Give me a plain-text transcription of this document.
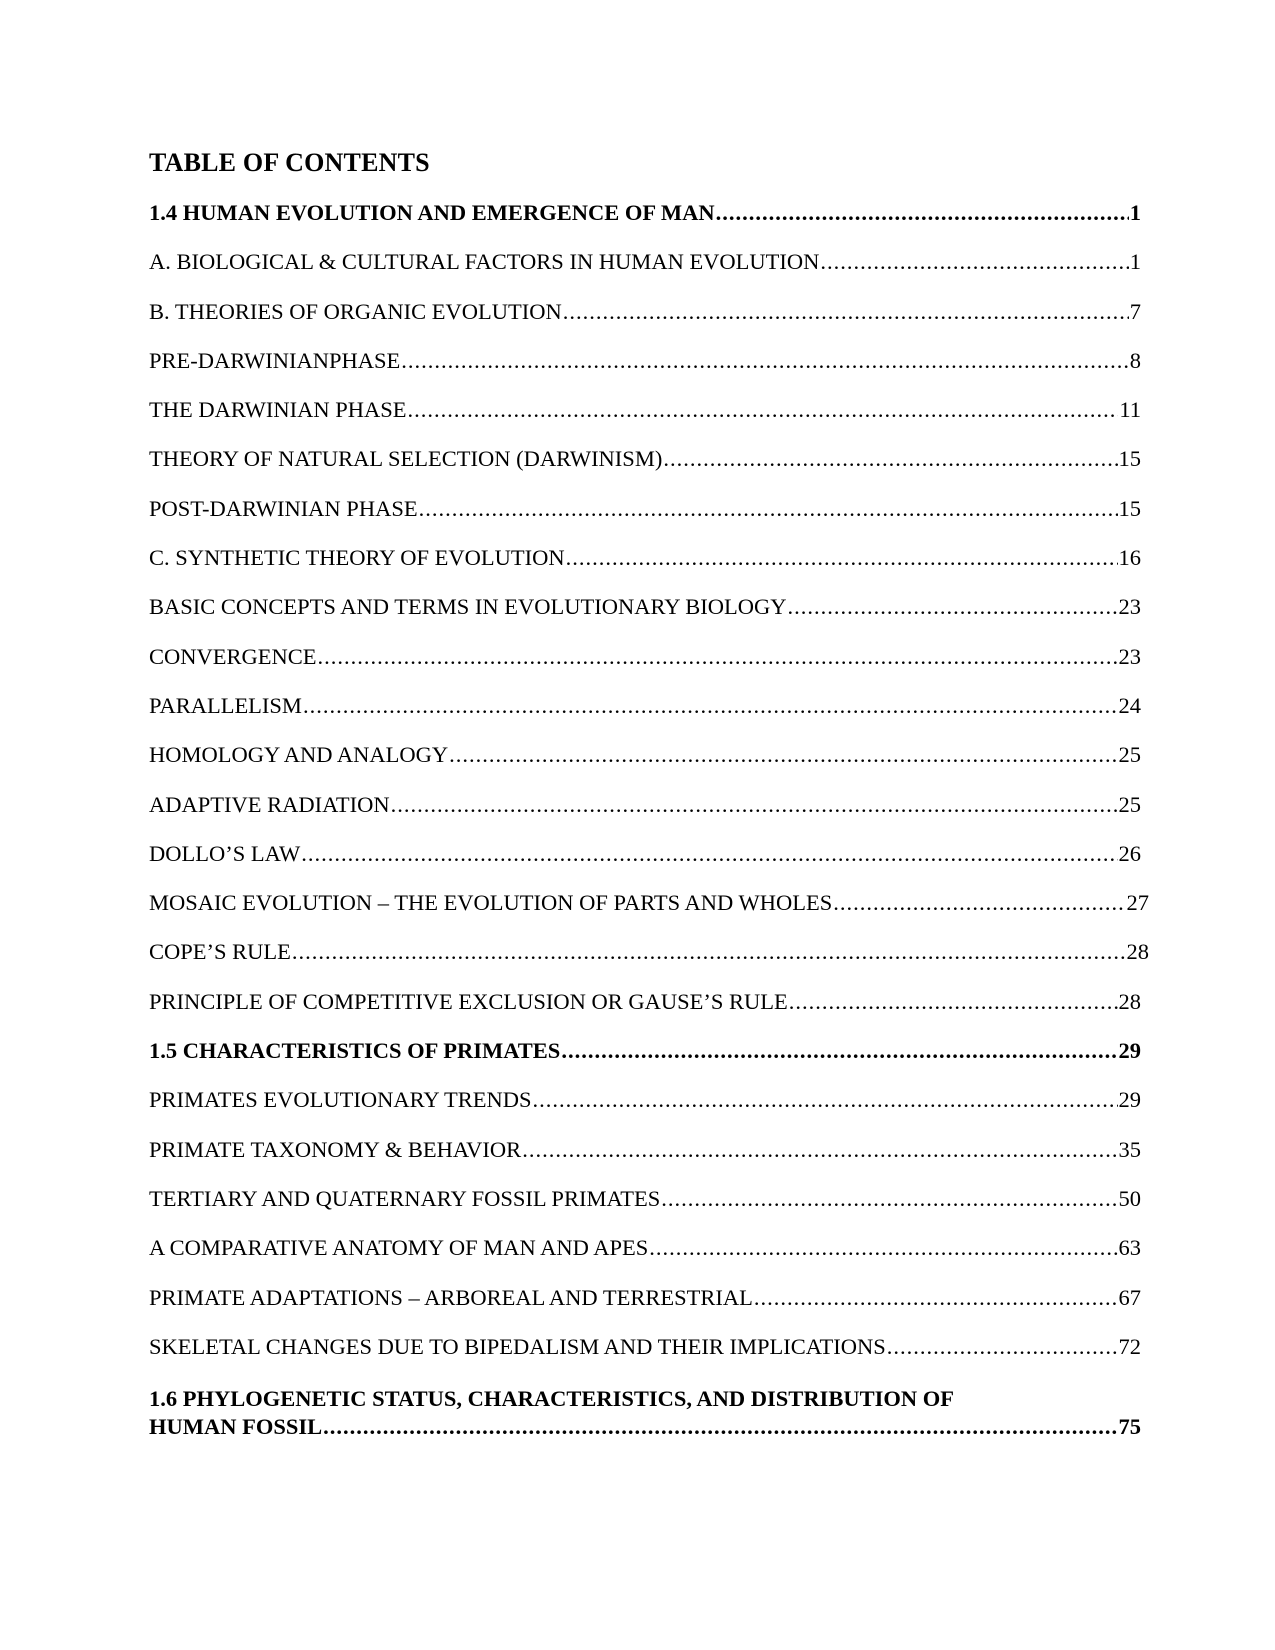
TABLE OF CONTENTS
1.4 HUMAN EVOLUTION AND EMERGENCE OF MAN .....	1
A. BIOLOGICAL & CULTURAL FACTORS IN HUMAN EVOLUTION .....	1
B. THEORIES OF ORGANIC EVOLUTION .....	7
PRE-DARWINIANPHASE .....	8
THE DARWINIAN PHASE .....	11
THEORY OF NATURAL SELECTION (DARWINISM) .....	15
POST-DARWINIAN PHASE .....	15
C. SYNTHETIC THEORY OF EVOLUTION .....	16
BASIC CONCEPTS AND TERMS IN EVOLUTIONARY BIOLOGY .....	23
CONVERGENCE .....	23
PARALLELISM .....	24
HOMOLOGY AND ANALOGY .....	25
ADAPTIVE RADIATION .....	25
DOLLO’S LAW .....	26
MOSAIC EVOLUTION – THE EVOLUTION OF PARTS AND WHOLES .....	27
COPE’S RULE .....	28
PRINCIPLE OF COMPETITIVE EXCLUSION OR GAUSE’S RULE .....	28
1.5 CHARACTERISTICS OF PRIMATES .....	29
PRIMATES EVOLUTIONARY TRENDS .....	29
PRIMATE TAXONOMY & BEHAVIOR .....	35
TERTIARY AND QUATERNARY FOSSIL PRIMATES .....	50
A COMPARATIVE ANATOMY OF MAN AND APES .....	63
PRIMATE ADAPTATIONS – ARBOREAL AND TERRESTRIAL .....	67
SKELETAL CHANGES DUE TO BIPEDALISM AND THEIR IMPLICATIONS .....	72
1.6 PHYLOGENETIC STATUS, CHARACTERISTICS, AND DISTRIBUTION OF
HUMAN FOSSIL .....	75
